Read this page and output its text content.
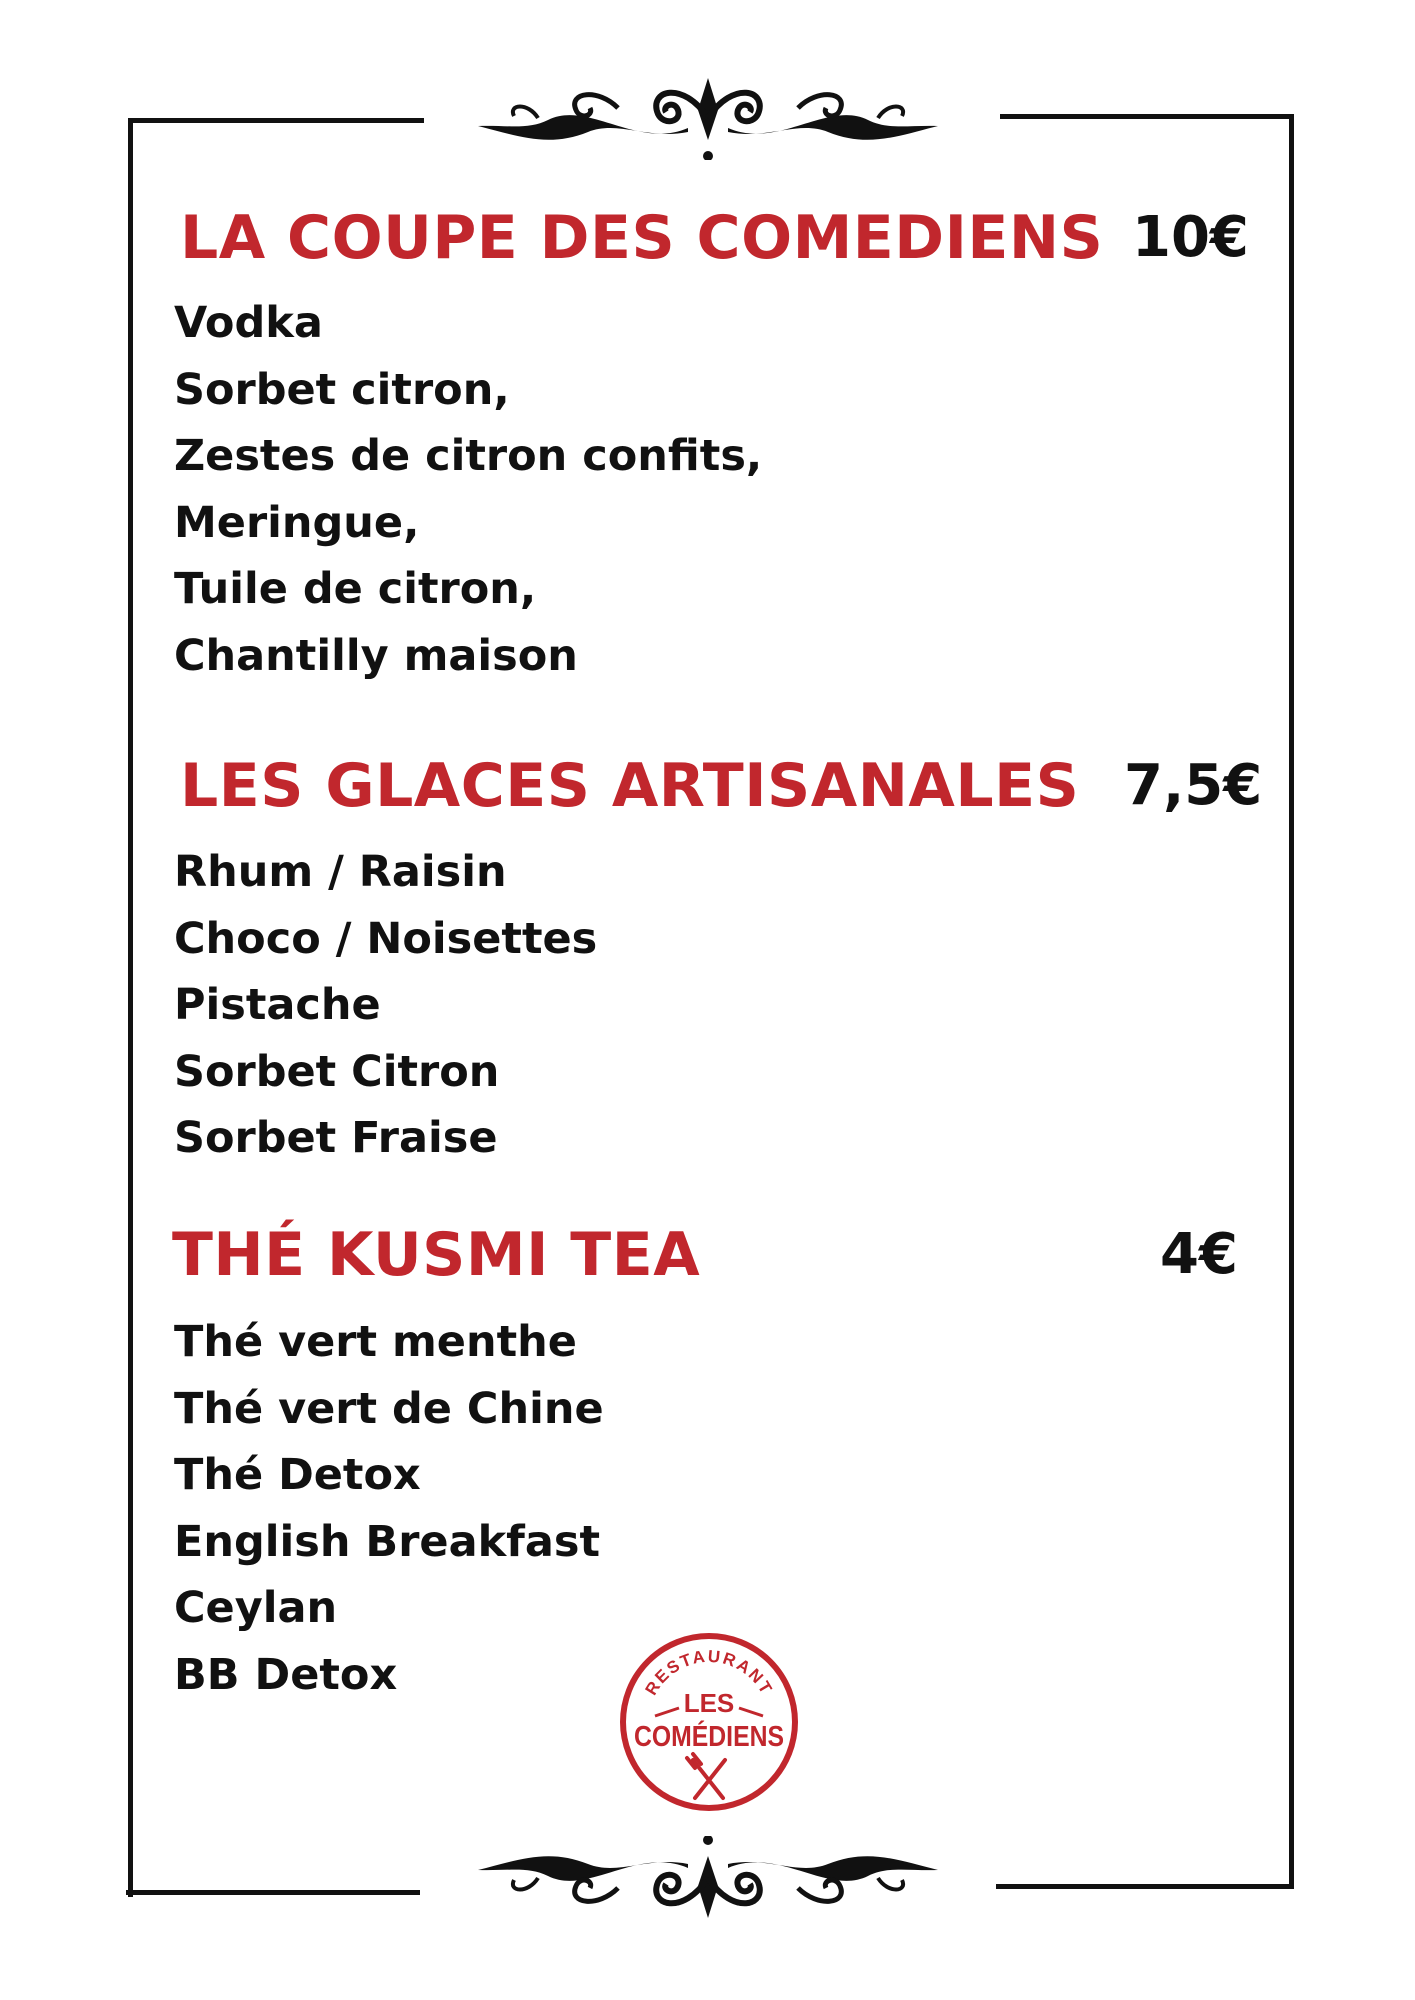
LA COUPE DES COMEDIENS 10€
Vodka
Sorbet citron,
Zestes de citron confits,
Meringue,
Tuile de citron,
Chantilly maison
LES GLACES ARTISANALES 7,5€
Rhum / Raisin
Choco / Noisettes
Pistache
Sorbet Citron
Sorbet Fraise
THÉ KUSMI TEA	4€
Thé vert menthe
Thé vert de Chine
Thé Detox
English Breakfast
Ceylan
BB Detox	RESTAURANT
LES
COMÉDIENS
